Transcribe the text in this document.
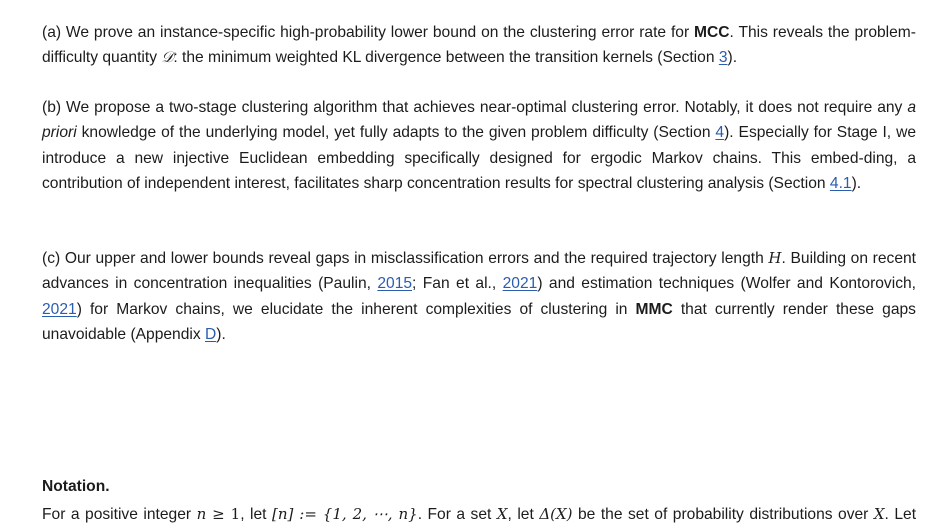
(a) We prove an instance-specific high-probability lower bound on the clustering error rate for MCC. This reveals the problem-difficulty quantity 𝒟: the minimum weighted KL divergence between the transition kernels (Section 3).
(b) We propose a two-stage clustering algorithm that achieves near-optimal clustering error. Notably, it does not require any a priori knowledge of the underlying model, yet fully adapts to the given problem difficulty (Section 4). Especially for Stage I, we introduce a new injective Euclidean embedding specifically designed for ergodic Markov chains. This embed-ding, a contribution of independent interest, facilitates sharp concentration results for spectral clustering analysis (Section 4.1).
(c) Our upper and lower bounds reveal gaps in misclassification errors and the required trajectory length H. Building on recent advances in concentration inequalities (Paulin, 2015; Fan et al., 2021) and estimation techniques (Wolfer and Kontorovich, 2021) for Markov chains, we elucidate the inherent complexities of clustering in MMC that currently render these gaps unavoidable (Appendix D).
Notation.
For a positive integer n ≥ 1, let [n] := {1, 2, ⋯, n}. For a set X, let Δ(X) be the set of probability distributions over X. Let
